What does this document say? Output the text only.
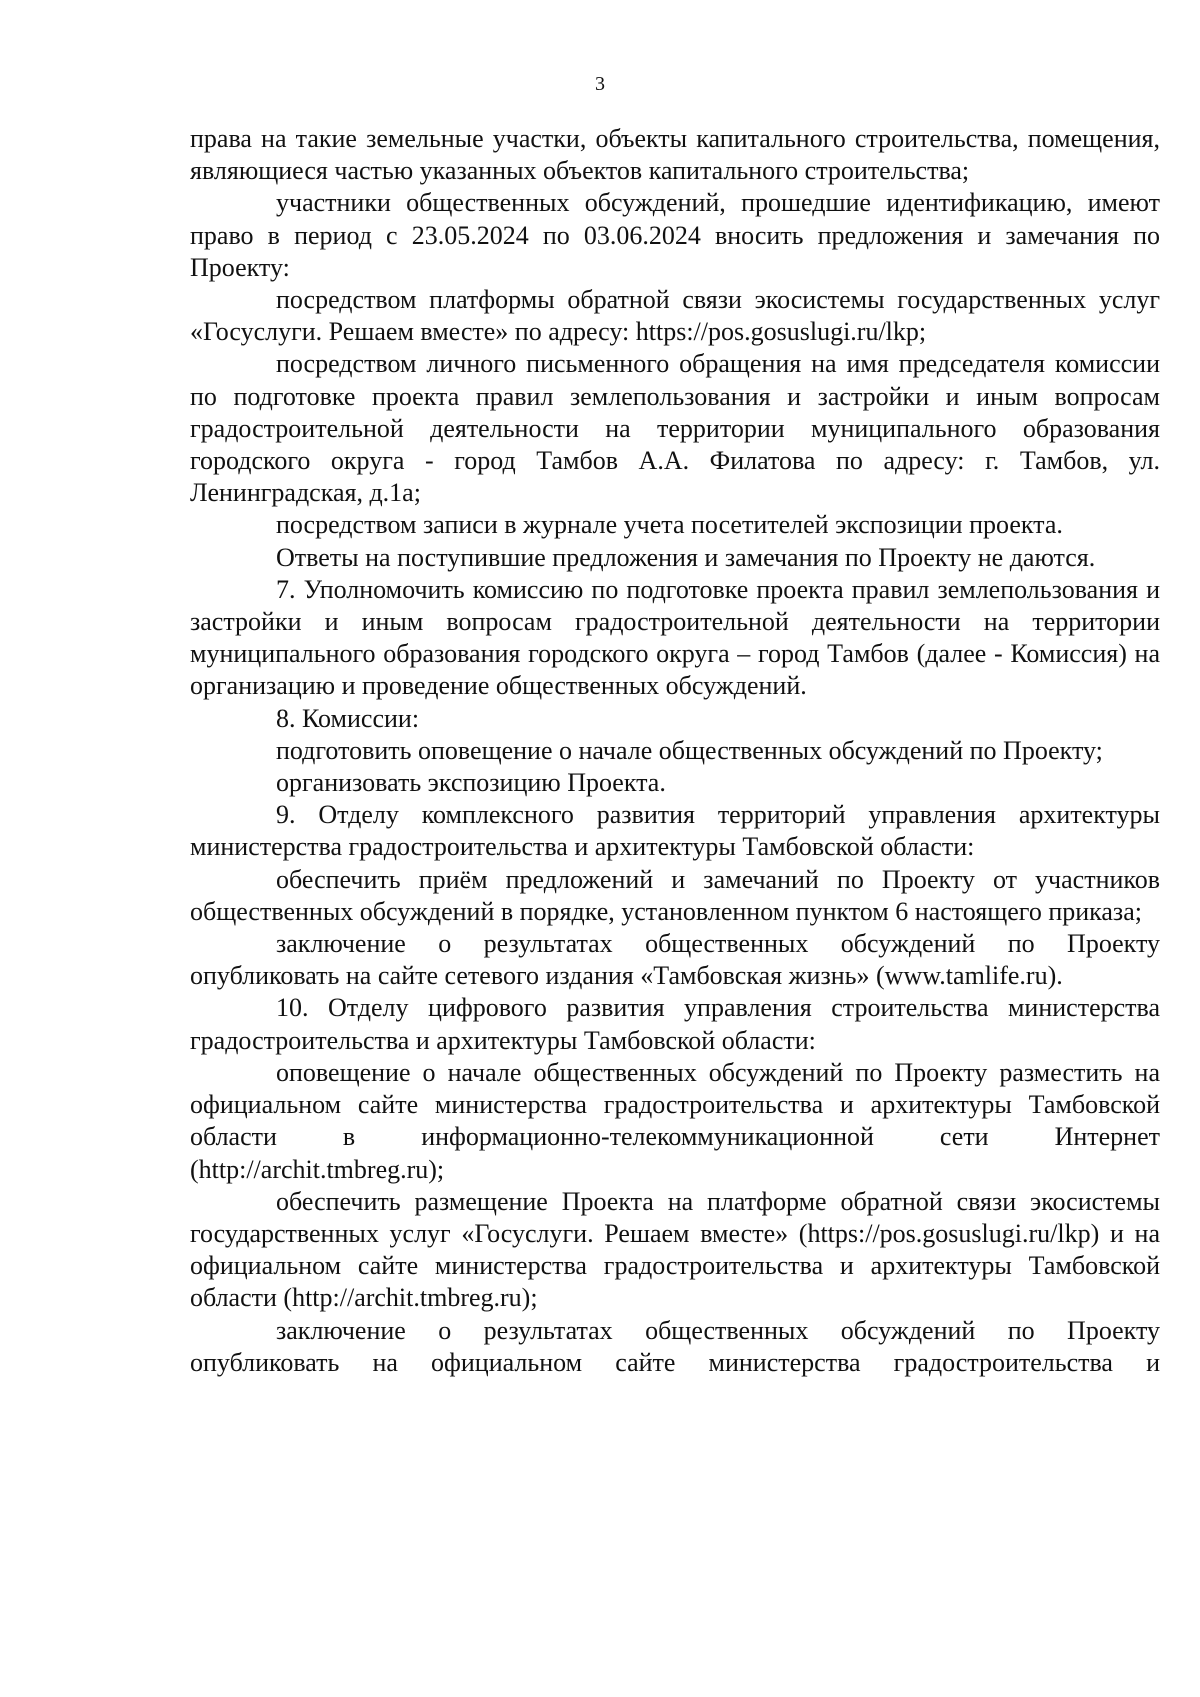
3

права на такие земельные участки, объекты капитального строительства, помещения, являющиеся частью указанных объектов капитального строительства;

участники общественных обсуждений, прошедшие идентификацию, имеют право в период с 23.05.2024 по 03.06.2024 вносить предложения и замечания по Проекту:

посредством платформы обратной связи экосистемы государственных услуг «Госуслуги. Решаем вместе» по адресу: https://pos.gosuslugi.ru/lkp;

посредством личного письменного обращения на имя председателя комиссии по подготовке проекта правил землепользования и застройки и иным вопросам градостроительной деятельности на территории муниципального образования городского округа - город Тамбов А.А. Филатова по адресу: г. Тамбов, ул. Ленинградская, д.1а;

посредством записи в журнале учета посетителей экспозиции проекта.

Ответы на поступившие предложения и замечания по Проекту не даются.

7. Уполномочить комиссию по подготовке проекта правил землепользования и застройки и иным вопросам градостроительной деятельности на территории муниципального образования городского округа – город Тамбов (далее - Комиссия) на организацию и проведение общественных обсуждений.

8. Комиссии:

подготовить оповещение о начале общественных обсуждений по Проекту;

организовать экспозицию Проекта.

9. Отделу комплексного развития территорий управления архитектуры министерства градостроительства и архитектуры Тамбовской области:

обеспечить приём предложений и замечаний по Проекту от участников общественных обсуждений в порядке, установленном пунктом 6 настоящего приказа;

заключение о результатах общественных обсуждений по Проекту опубликовать на сайте сетевого издания «Тамбовская жизнь» (www.tamlife.ru).

10. Отделу цифрового развития управления строительства министерства градостроительства и архитектуры Тамбовской области:

оповещение о начале общественных обсуждений по Проекту разместить на официальном сайте министерства градостроительства и архитектуры Тамбовской области в информационно-телекоммуникационной сети Интернет (http://archit.tmbreg.ru);

обеспечить размещение Проекта на платформе обратной связи экосистемы государственных услуг «Госуслуги. Решаем вместе» (https://pos.gosuslugi.ru/lkp) и на официальном сайте министерства градостроительства и архитектуры Тамбовской области (http://archit.tmbreg.ru);

заключение о результатах общественных обсуждений по Проекту опубликовать на официальном сайте министерства градостроительства и
